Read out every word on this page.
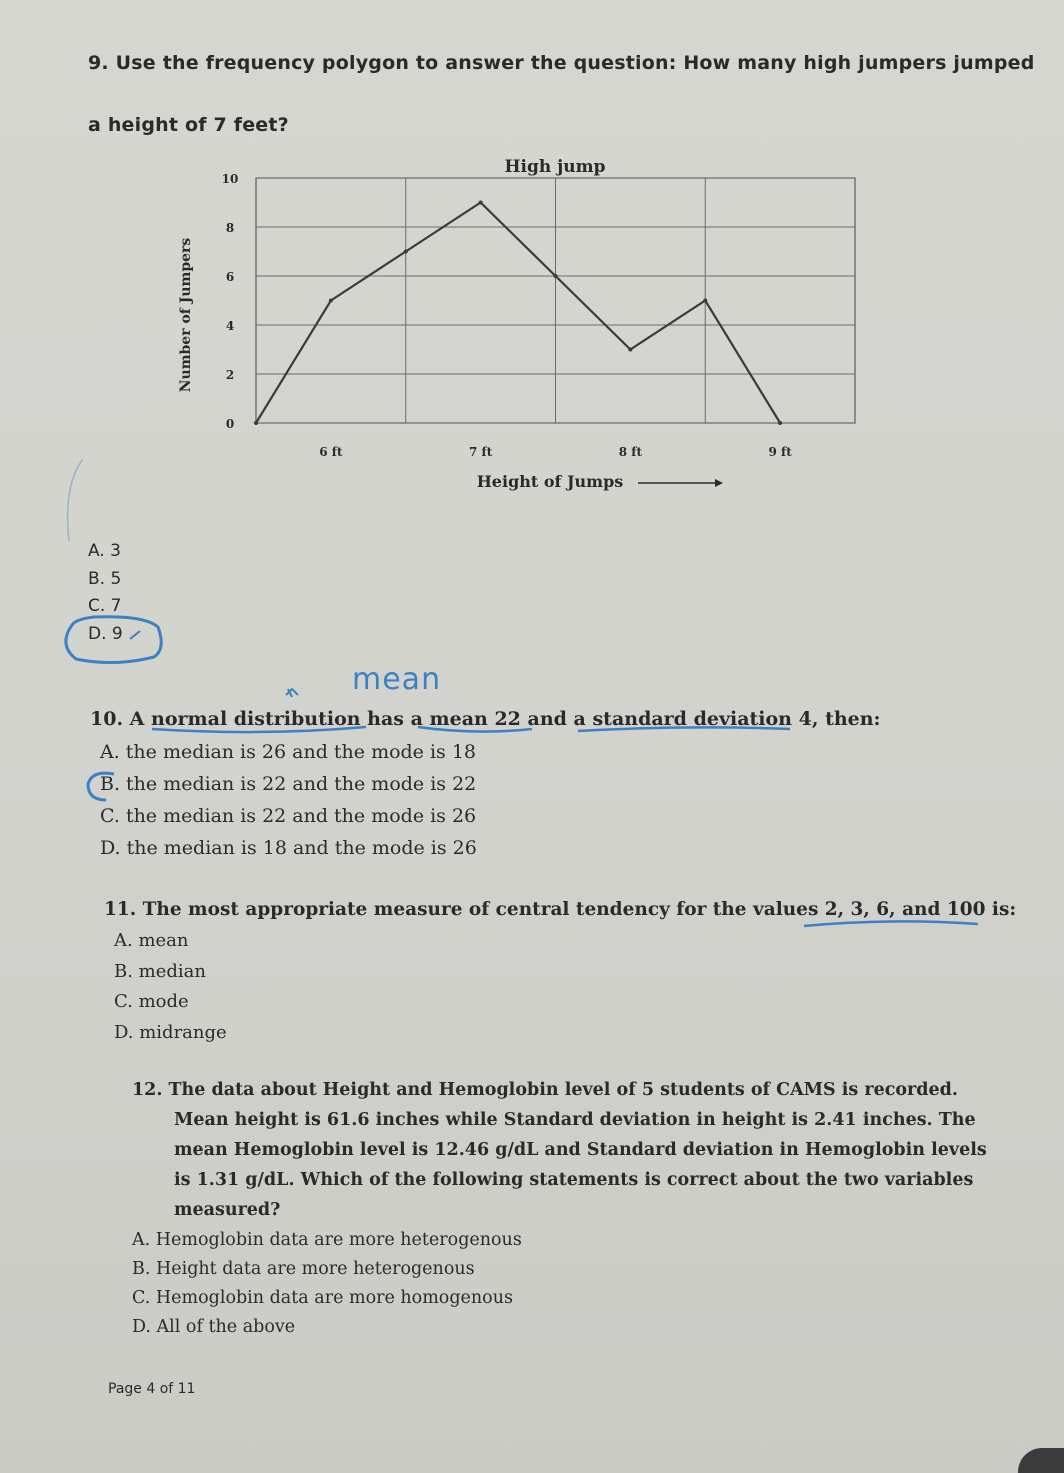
9. Use the frequency polygon to answer the question: How many high jumpers jumped
a height of 7 feet?
High jump
10
8
6
4
2
0
6 ft	7 ft	8 ft	9 ft
Number of Jumpers
Height of Jumps
A. 3
B. 5
C. 7
D. 9
mean
10. A normal distribution has a mean 22 and a standard deviation 4, then:
A. the median is 26 and the mode is 18
B. the median is 22 and the mode is 22
C. the median is 22 and the mode is 26
D. the median is 18 and the mode is 26
11. The most appropriate measure of central tendency for the values 2, 3, 6, and 100 is:
A. mean
B. median
C. mode
D. midrange
12. The data about Height and Hemoglobin level of 5 students of CAMS is recorded.
Mean height is 61.6 inches while Standard deviation in height is 2.41 inches. The
mean Hemoglobin level is 12.46 g/dL and Standard deviation in Hemoglobin levels
is 1.31 g/dL. Which of the following statements is correct about the two variables
measured?
A. Hemoglobin data are more heterogenous
B. Height data are more heterogenous
C. Hemoglobin data are more homogenous
D. All of the above
Page 4 of 11
